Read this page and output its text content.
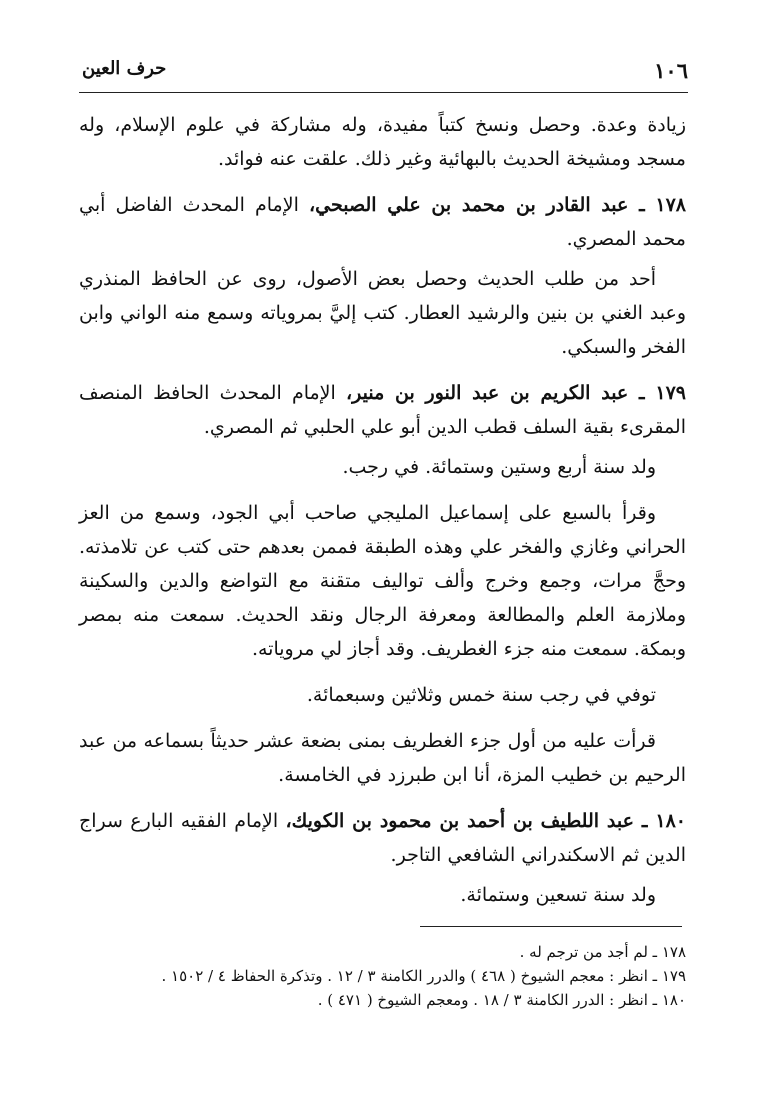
حرف العين	١٠٦

زيادة وعدة. وحصل ونسخ كتباً مفيدة، وله مشاركة في علوم الإسلام، وله مسجد ومشيخة الحديث بالبهائية وغير ذلك. علقت عنه فوائد.

١٧٨ ـ عبد القادر بن محمد بن علي الصبحي، الإمام المحدث الفاضل أبي محمد المصري.

أحد من طلب الحديث وحصل بعض الأصول، روى عن الحافظ المنذري وعبد الغني بن بنين والرشيد العطار. كتب إليَّ بمروياته وسمع منه الواني وابن الفخر والسبكي.

١٧٩ ـ عبد الكريم بن عبد النور بن منير، الإمام المحدث الحافظ المنصف المقرىء بقية السلف قطب الدين أبو علي الحلبي ثم المصري.

ولد سنة أربع وستين وستمائة. في رجب.

وقرأ بالسبع على إسماعيل المليجي صاحب أبي الجود، وسمع من العز الحراني وغازي والفخر علي وهذه الطبقة فممن بعدهم حتى كتب عن تلامذته. وحجَّ مرات، وجمع وخرج وألف تواليف متقنة مع التواضع والدين والسكينة وملازمة العلم والمطالعة ومعرفة الرجال ونقد الحديث. سمعت منه بمصر وبمكة. سمعت منه جزء الغطريف. وقد أجاز لي مروياته.

توفي في رجب سنة خمس وثلاثين وسبعمائة.

قرأت عليه من أول جزء الغطريف بمنى بضعة عشر حديثاً بسماعه من عبد الرحيم بن خطيب المزة، أنا ابن طبرزد في الخامسة.

١٨٠ ـ عبد اللطيف بن أحمد بن محمود بن الكويك، الإمام الفقيه البارع سراج الدين ثم الاسكندراني الشافعي التاجر.

ولد سنة تسعين وستمائة.

١٧٨ ـ لم أجد من ترجم له .
١٧٩ ـ انظر : معجم الشيوخ ( ٤٦٨ ) والدرر الكامنة ٣ / ١٢ . وتذكرة الحفاظ ٤ / ١٥٠٢ .
١٨٠ ـ انظر : الدرر الكامنة ٣ / ١٨ . ومعجم الشيوخ ( ٤٧١ ) .
